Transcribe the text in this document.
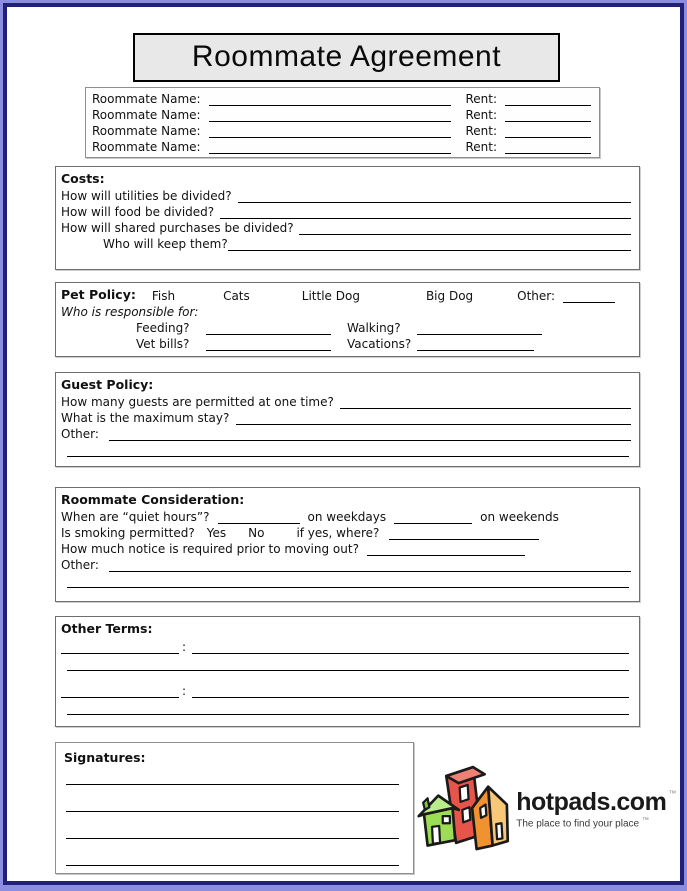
Roommate Agreement
Roommate Name:	Rent:
Roommate Name:	Rent:
Roommate Name:	Rent:
Roommate Name:	Rent:
Costs:
How will utilities be divided?
How will food be divided?
How will shared purchases be divided?
Who will keep them?
Pet Policy: Fish	Cats	Little Dog	Big Dog	Other:
Who is responsible for:
Feeding?	Walking?
Vet bills?	Vacations?
Guest Policy:
How many guests are permitted at one time?
What is the maximum stay?
Other:
Roommate Consideration:
When are “quiet hours”?	on weekdays	on weekends
Is smoking permitted? Yes No	if yes, where?
How much notice is required prior to moving out?
Other:
Other Terms:
:
:
Signatures:
hotpads.com ™
The place to find your place ™
